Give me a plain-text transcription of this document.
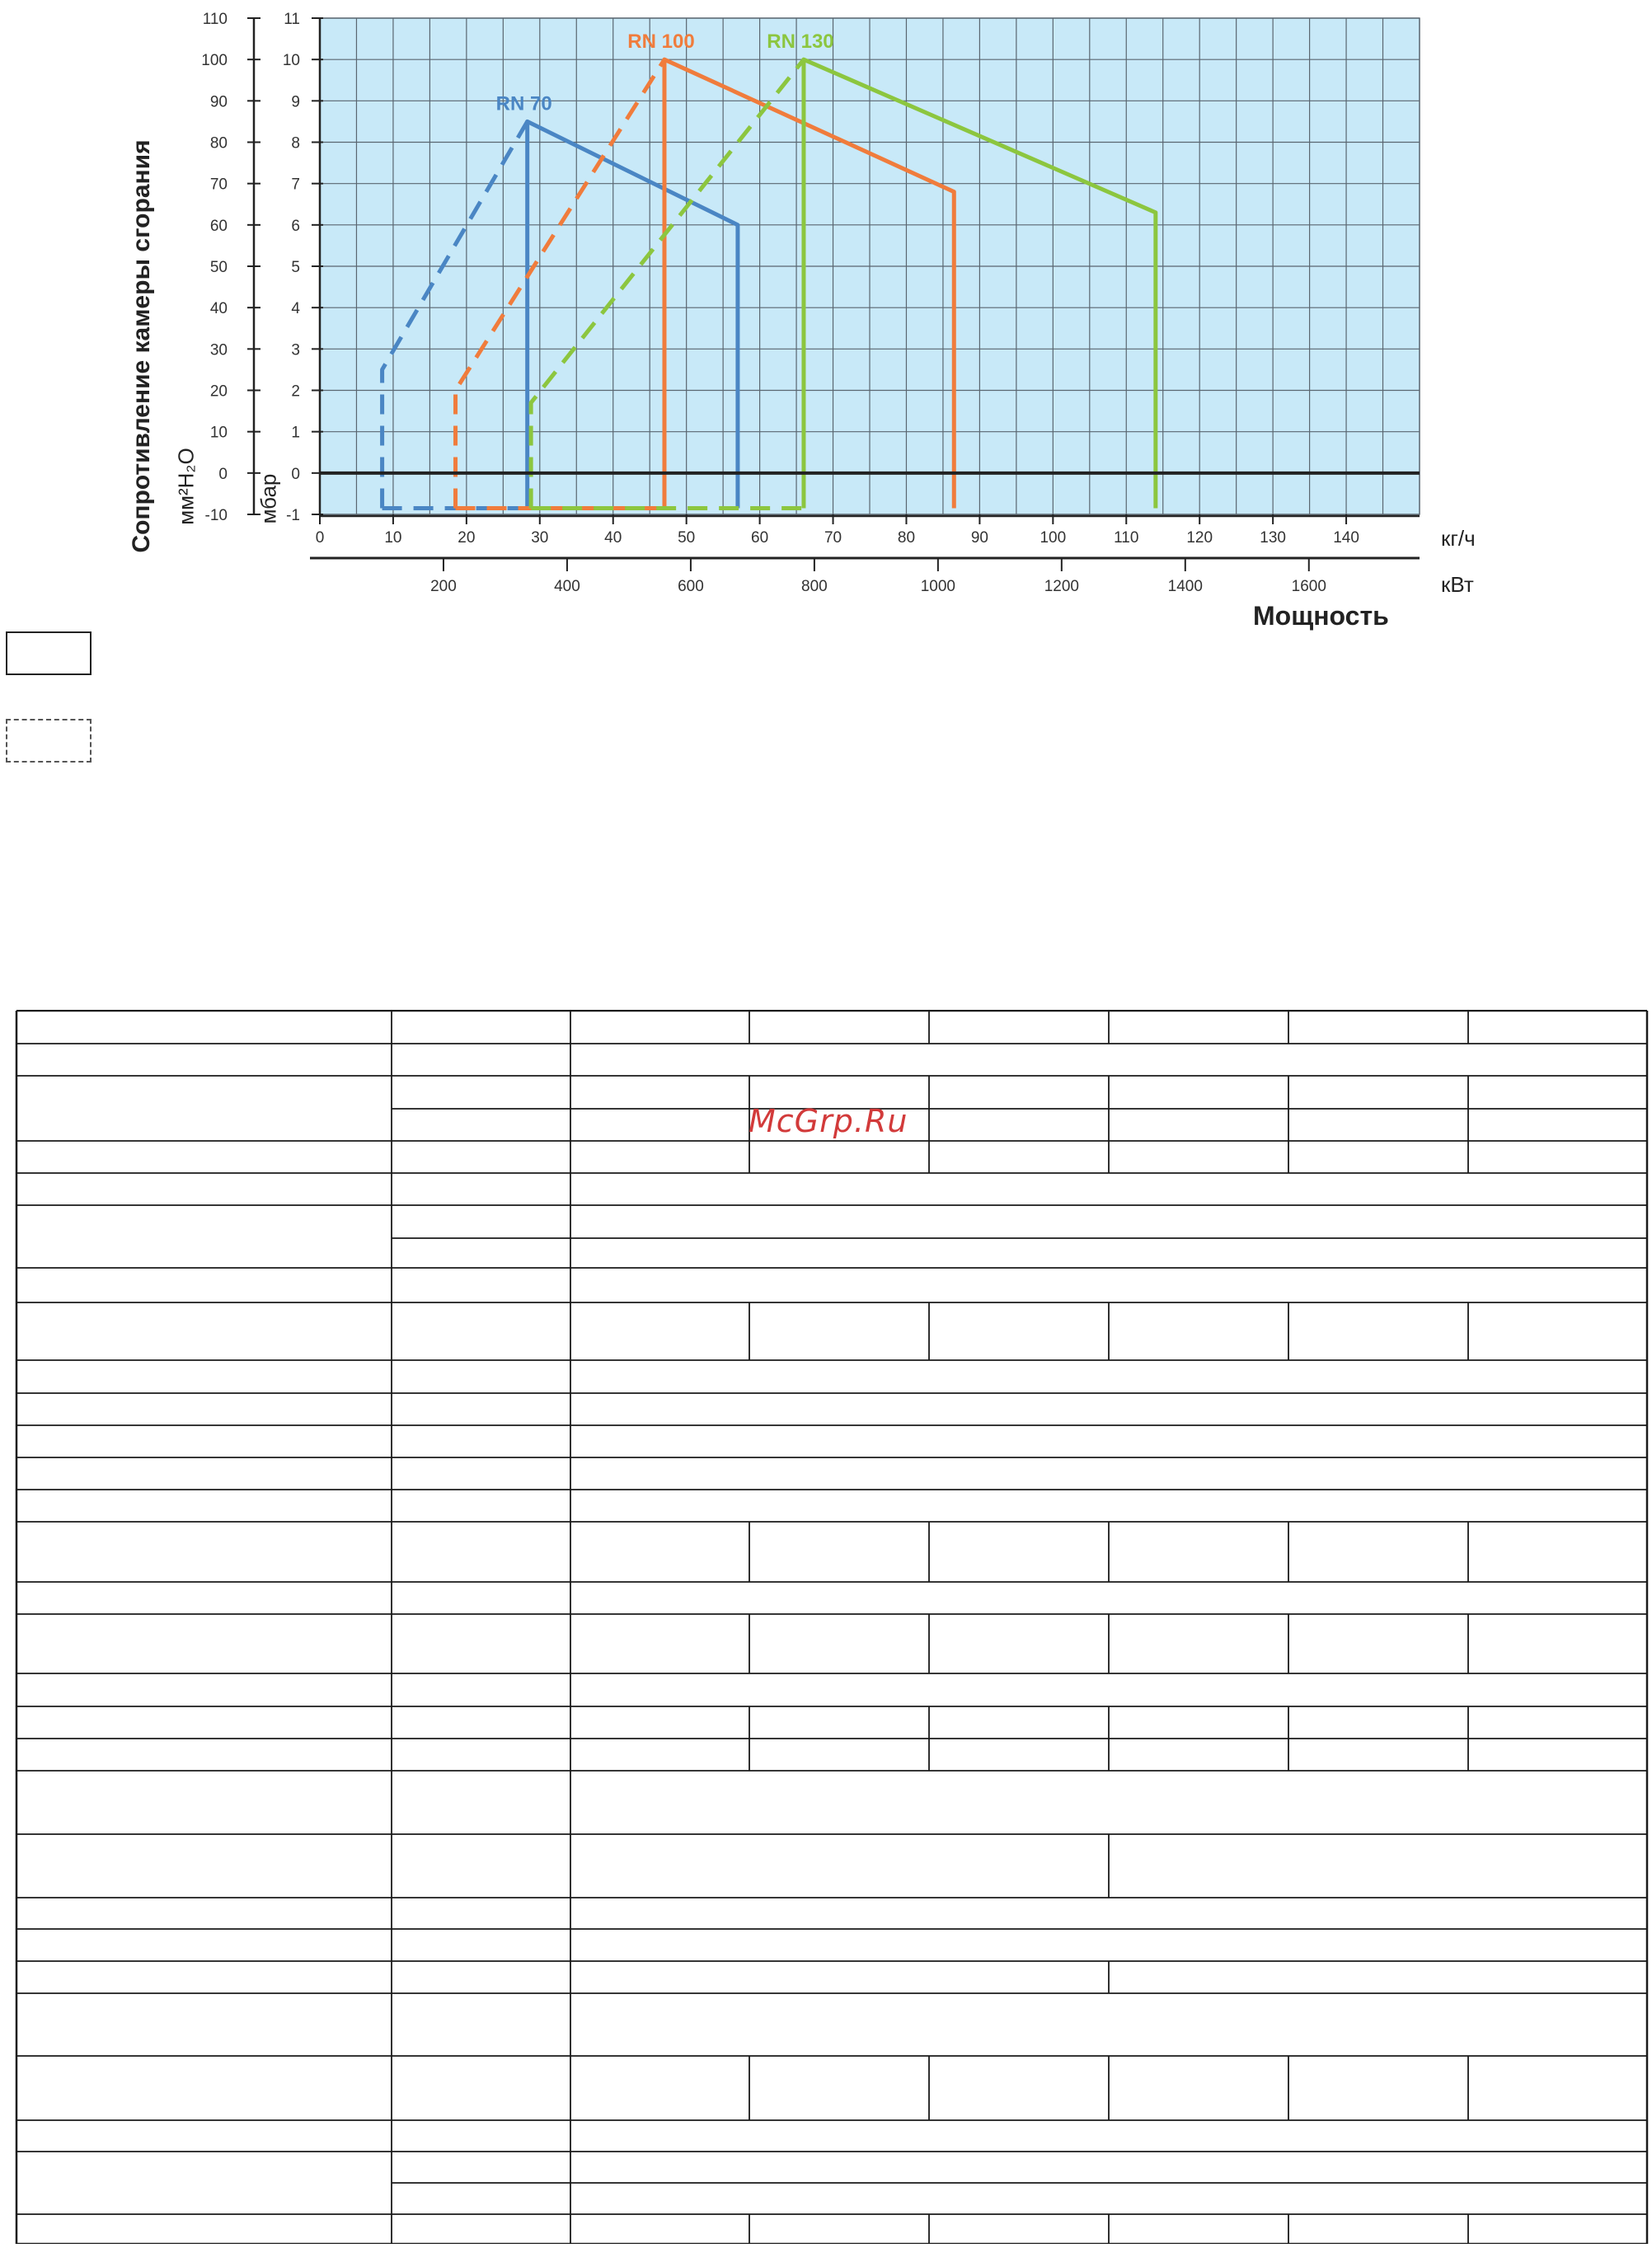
110	11
100	10
90	9
80	8
70	7
60	6
50	5
40	4
30	3
20	2
10	1
0	0
-10	-1
0	10	20	30	40	50	60	70	80	90	100	110	120	130	140
200	400	600	800	1000	1200	1400	1600
RN 70
RN 100	RN 130
кг/ч
кВт
Мощность
Сопротивление камеры сгорания мм²H₂O	мбар
McGrp.Ru
